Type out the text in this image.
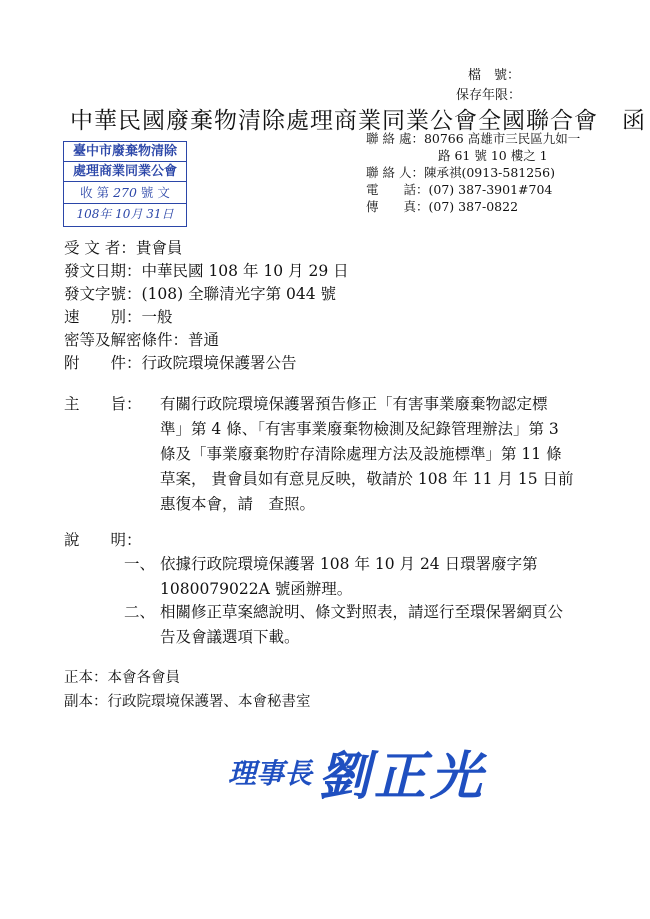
檔　號：
保存年限：
中華民國廢棄物清除處理商業同業公會全國聯合會　函
聯 絡 處：80766 高雄市三民區九如一
路 61 號 10 樓之 1
聯 絡 人：陳承祺(0913-581256)
電　　話：(07) 387-3901#704
傳　　真：(07) 387-0822
臺中市廢棄物清除
處理商業同業公會
收 第 270 號 文
108年 10月 31日
受 文 者：貴會員
發文日期：中華民國 108 年 10 月 29 日
發文字號：(108) 全聯清光字第 044 號
速　　別：一般
密等及解密條件：普通
附　　件：行政院環境保護署公告
主　　旨： 有關行政院環境保護署預告修正「有害事業廢棄物認定標
準」第 4 條、「有害事業廢棄物檢測及紀錄管理辦法」第 3
條及「事業廢棄物貯存清除處理方法及設施標準」第 11 條
草案， 貴會員如有意見反映，敬請於 108 年 11 月 15 日前
惠復本會，請　查照。
說　　明：
一、 依據行政院環境保護署 108 年 10 月 24 日環署廢字第
1080079022A 號函辦理。
二、 相關修正草案總說明、條文對照表，請逕行至環保署網頁公
告及會議選項下載。
正本：本會各會員
副本：行政院環境保護署、本會秘書室
理事長 劉正光
